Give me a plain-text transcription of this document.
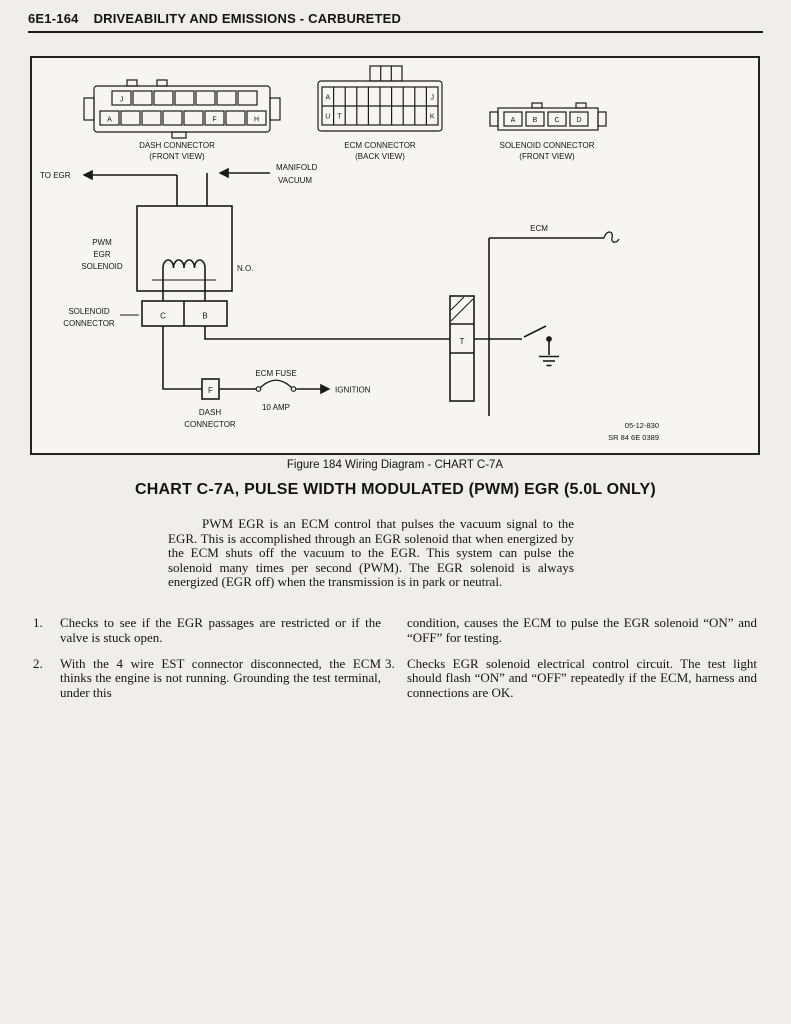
6E1-164 DRIVEABILITY AND EMISSIONS - CARBURETED
J
A	F	H
A	J
U T	K	A B C D
DASH CONNECTOR
(FRONT VIEW)
ECM CONNECTOR
(BACK VIEW)
SOLENOID CONNECTOR
(FRONT VIEW)
PWM
EGR
SOLENOID
SOLENOID
CONNECTOR
C	B
T
F
ECM FUSE
10 AMP
DASH
CONNECTOR
ECM
TO EGR
MANIFOLD
VACUUM
N.O.
IGNITION
05-12-830
SR 84 6E 0389
Figure 184 Wiring Diagram - CHART C-7A
CHART C-7A, PULSE WIDTH MODULATED (PWM) EGR (5.0L ONLY)

PWM EGR is an ECM control that pulses the vacuum signal to the EGR. This is accomplished through an EGR solenoid that when energized by the ECM shuts off the vacuum to the EGR. This system can pulse the solenoid many times per second (PWM). The EGR solenoid is always energized (EGR off) when the transmission is in park or neutral.

1.	Checks to see if the EGR passages are restricted or if the valve is stuck open.
2.	With the 4 wire EST connector disconnected, the ECM thinks the engine is not running. Grounding the test terminal, under this
condition, causes the ECM to pulse the EGR solenoid “ON” and “OFF” for testing.
3. Checks EGR solenoid electrical control circuit. The test light should flash “ON” and “OFF” repeatedly if the ECM, harness and connections are OK.
